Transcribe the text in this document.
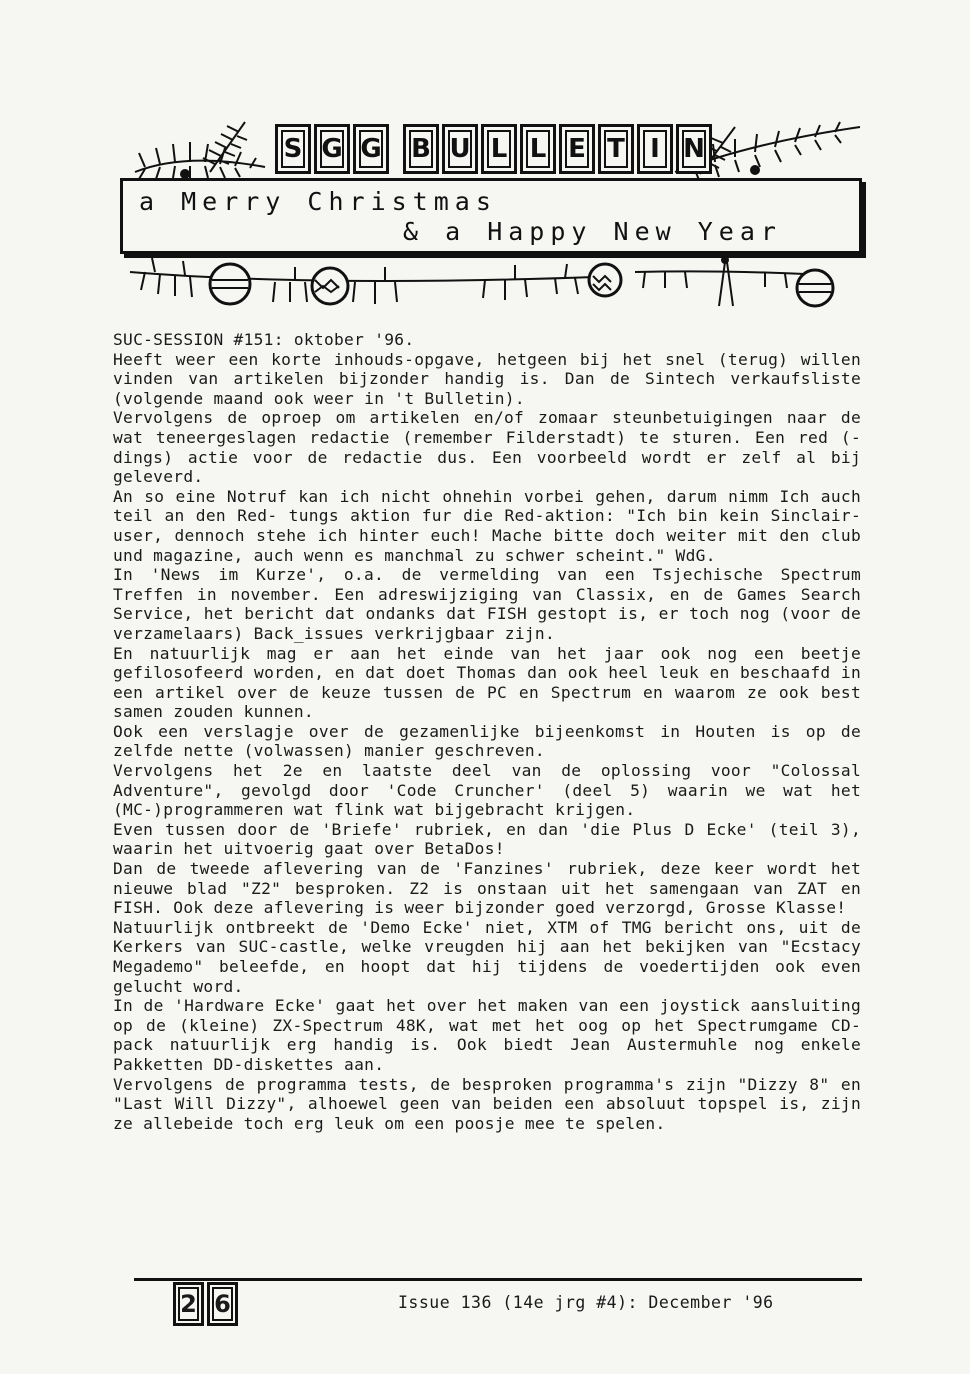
S G G	B U L L E T I N
a Merry Christmas
& a Happy New Year

SUC-SESSION #151: oktober '96.

Heeft weer een korte inhouds-opgave, hetgeen bij het snel (terug) willen vinden van artikelen bijzonder handig is. Dan de Sintech verkaufsliste (volgende maand ook weer in 't Bulletin).

Vervolgens de oproep om artikelen en/of zomaar steunbetuigingen naar de wat teneergeslagen redactie (remember Filderstadt) te sturen. Een red (-dings) actie voor de redactie dus. Een voorbeeld wordt er zelf al bij geleverd.

An so eine Notruf kan ich nicht ohnehin vorbei gehen, darum nimm Ich auch teil an den Red- tungs aktion fur die Red-aktion: "Ich bin kein Sinclair- user, dennoch stehe ich hinter euch! Mache bitte doch weiter mit den club und magazine, auch wenn es manchmal zu schwer scheint." WdG.

In 'News im Kurze', o.a. de vermelding van een Tsjechische Spectrum Treffen in november. Een adreswijziging van Classix, en de Games Search Service, het bericht dat ondanks dat FISH gestopt is, er toch nog (voor de verzamelaars) Back_issues verkrijgbaar zijn.

En natuurlijk mag er aan het einde van het jaar ook nog een beetje gefilosofeerd worden, en dat doet Thomas dan ook heel leuk en beschaafd in een artikel over de keuze tussen de PC en Spectrum en waarom ze ook best samen zouden kunnen.

Ook een verslagje over de gezamenlijke bijeenkomst in Houten is op de zelfde nette (volwassen) manier geschreven.

Vervolgens het 2e en laatste deel van de oplossing voor "Colossal Adventure", gevolgd door 'Code Cruncher' (deel 5) waarin we wat het (MC-)programmeren wat flink wat bijgebracht krijgen.

Even tussen door de 'Briefe' rubriek, en dan 'die Plus D Ecke' (teil 3), waarin het uitvoerig gaat over BetaDos!

Dan de tweede aflevering van de 'Fanzines' rubriek, deze keer wordt het nieuwe blad "Z2" besproken. Z2 is onstaan uit het samengaan van ZAT en FISH. Ook deze aflevering is weer bijzonder goed verzorgd, Grosse Klasse!

Natuurlijk ontbreekt de 'Demo Ecke' niet, XTM of TMG bericht ons, uit de Kerkers van SUC-castle, welke vreugden hij aan het bekijken van "Ecstacy Megademo" beleefde, en hoopt dat hij tijdens de voedertijden ook even gelucht word.

In de 'Hardware Ecke' gaat het over het maken van een joystick aansluiting op de (kleine) ZX-Spectrum 48K, wat met het oog op het Spectrumgame CD-pack natuurlijk erg handig is. Ook biedt Jean Austermuhle nog enkele Pakketten DD-diskettes aan.

Vervolgens de programma tests, de besproken programma's zijn "Dizzy 8" en "Last Will Dizzy", alhoewel geen van beiden een absoluut topspel is, zijn ze allebeide toch erg leuk om een poosje mee te spelen.

2 6	Issue 136 (14e jrg #4): December '96
